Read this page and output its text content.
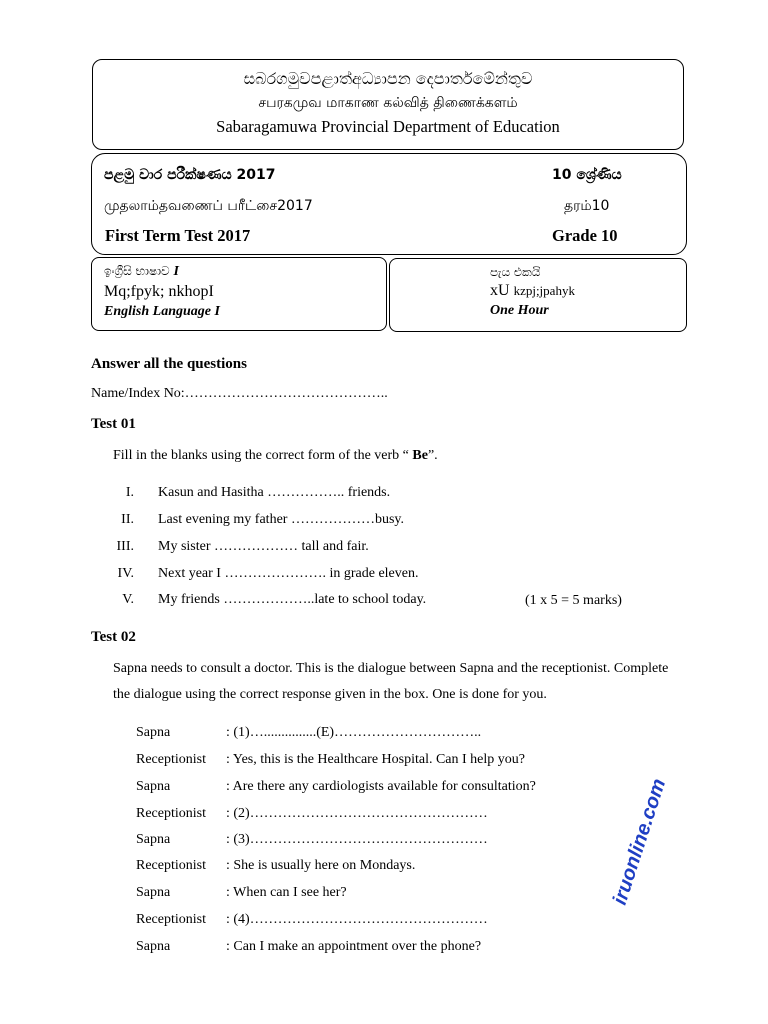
සබරගමුවපළාත්අධ්‍යාපන දෙපාර්තමේන්තුව
சபரகமுவ மாகாண கல்வித் திணைக்களம்
Sabaragamuwa Provincial Department of Education
පළමු වාර පරීක්ෂණය 2017	10 ශ්‍රේණිය
முதலாம்தவணைப் பரீட்சை2017	தரம்10
First Term Test 2017	Grade 10
ඉංග්‍රීසි භාෂාව I
Mq;fpyk; nkhopI
English Language I
පැය එකයි
xU kzpj;jpahyk
One Hour
Answer all the questions
Name/Index No:……………………………………..
Test 01
Fill in the blanks using the correct form of the verb “ Be”.
I. Kasun and Hasitha …………….. friends.
II. Last evening my father ………………busy.
III. My sister ……………… tall and fair.
IV. Next year I …………………. in grade eleven.
V. My friends ………………..late to school today.	(1 x 5 = 5 marks)
Test 02
Sapna needs to consult a doctor. This is the dialogue between Sapna and the receptionist. Complete
the dialogue using the correct response given in the box. One is done for you.
Sapna	: (1)…...............(E)…………………………..
Receptionist : Yes, this is the Healthcare Hospital. Can I help you?
Sapna	: Are there any cardiologists available for consultation?
Receptionist : (2)……………………………………………
Sapna	: (3)……………………………………………
Receptionist : She is usually here on Mondays.
Sapna	: When can I see her?
Receptionist : (4)……………………………………………
Sapna	: Can I make an appointment over the phone?
iruonline.com
